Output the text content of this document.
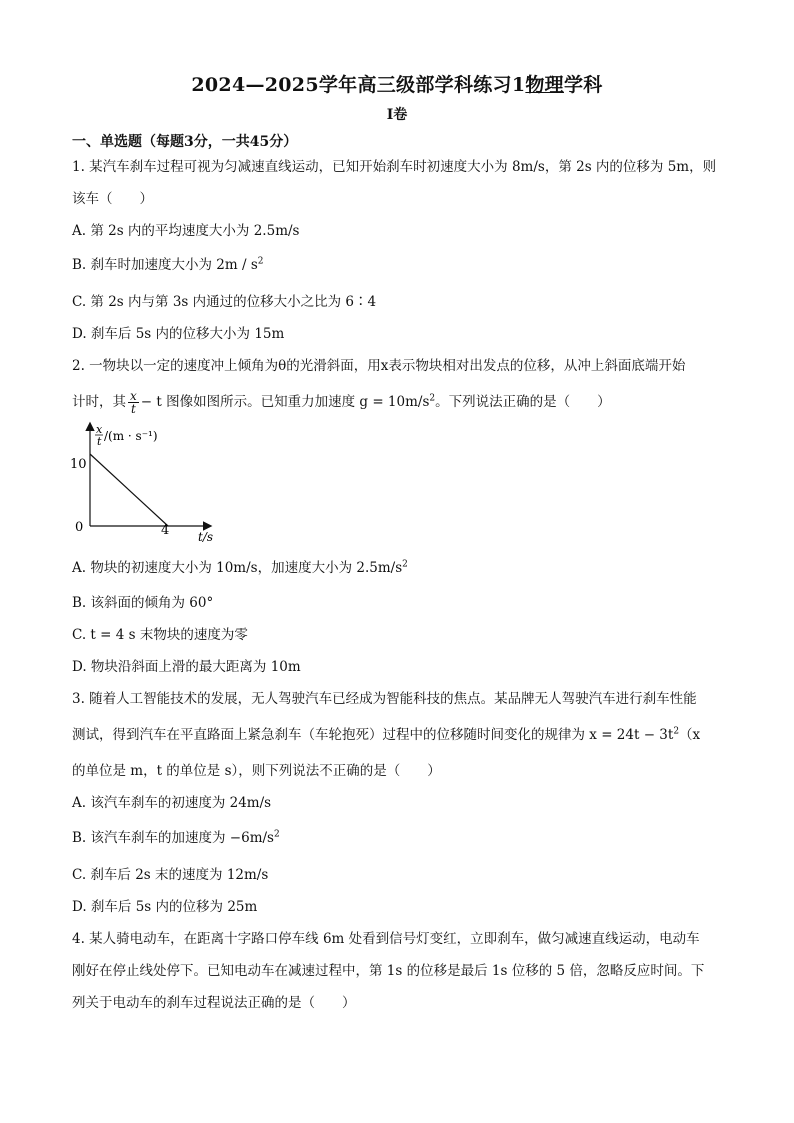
2024—2025学年高三级部学科练习1物理学科
I卷
一、单选题（每题3分，一共45分）
1. 某汽车刹车过程可视为匀减速直线运动，已知开始刹车时初速度大小为 8m/s，第 2s 内的位移为 5m，则
该车（　　）
A. 第 2s 内的平均速度大小为 2.5m/s
B. 刹车时加速度大小为 $2m / s^2$
C. 第 2s 内与第 3s 内通过的位移大小之比为 6∶4
D. 刹车后 5s 内的位移大小为 15m
2. 一物块以一定的速度冲上倾角为θ的光滑斜面，用x表示物块相对出发点的位移，从冲上斜面底端开始
计时，其 $\frac{x}{t} - t$ 图像如图所示。已知重力加速度 $g = 10m/s^2$。下列说法正确的是（　　）
x
t /(m · s⁻¹)
10
0	4 t/s
A. 物块的初速度大小为 10m/s，加速度大小为 $2.5m/s^2$
B. 该斜面的倾角为 60°
C. t = 4 s 末物块的速度为零
D. 物块沿斜面上滑的最大距离为 10m
3. 随着人工智能技术的发展，无人驾驶汽车已经成为智能科技的焦点。某品牌无人驾驶汽车进行刹车性能
测试，得到汽车在平直路面上紧急刹车（车轮抱死）过程中的位移随时间变化的规律为 $x = 24t - 3t^2(x$
的单位是 m，t 的单位是 s），则下列说法不正确的是（　　）
A. 该汽车刹车的初速度为 24m/s
B. 该汽车刹车的加速度为 $-6m/s^2$
C. 刹车后 2s 末的速度为 12m/s
D. 刹车后 5s 内的位移为 25m
4. 某人骑电动车，在距离十字路口停车线 6m 处看到信号灯变红，立即刹车，做匀减速直线运动，电动车
刚好在停止线处停下。已知电动车在减速过程中，第 1s 的位移是最后 1s 位移的 5 倍，忽略反应时间。下
列关于电动车的刹车过程说法正确的是（　　）
